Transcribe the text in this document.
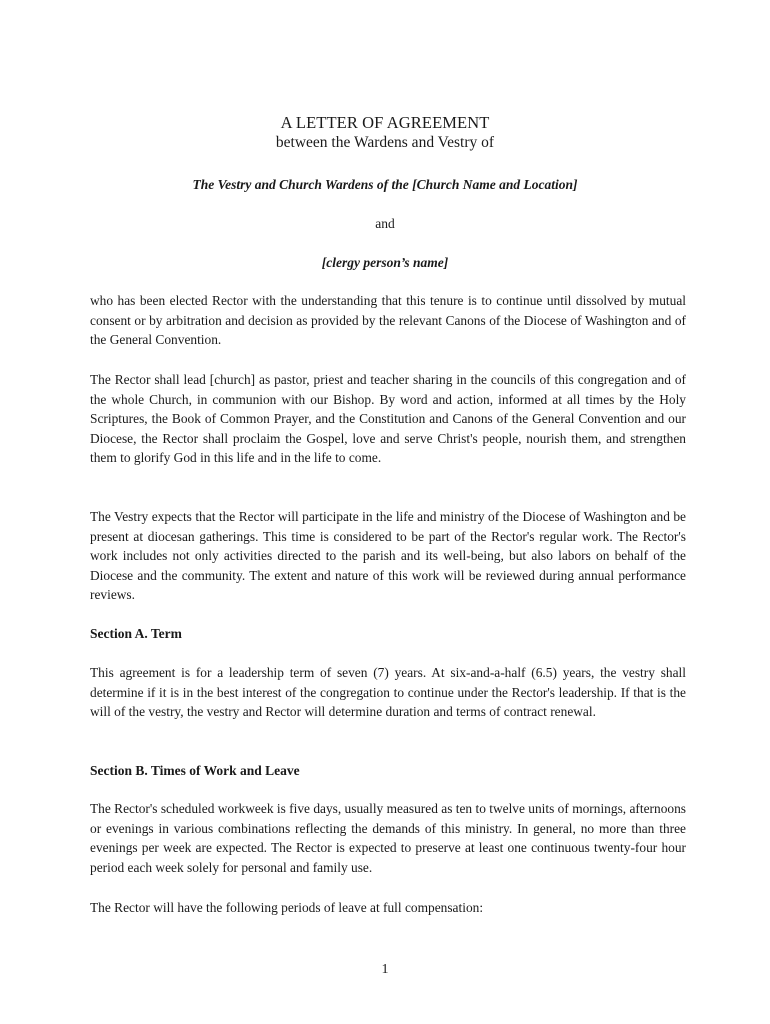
A LETTER OF AGREEMENT
between the Wardens and Vestry of
The Vestry and Church Wardens of the [Church Name and Location]
and
[clergy person’s name]

who has been elected Rector with the understanding that this tenure is to continue until dissolved by mutual consent or by arbitration and decision as provided by the relevant Canons of the Diocese of Washington and of the General Convention.

The Rector shall lead [church] as pastor, priest and teacher sharing in the councils of this congregation and of the whole Church, in communion with our Bishop. By word and action, informed at all times by the Holy Scriptures, the Book of Common Prayer, and the Constitution and Canons of the General Convention and our Diocese, the Rector shall proclaim the Gospel, love and serve Christ's people, nourish them, and strengthen them to glorify God in this life and in the life to come.

The Vestry expects that the Rector will participate in the life and ministry of the Diocese of Washington and be present at diocesan gatherings. This time is considered to be part of the Rector's regular work. The Rector's work includes not only activities directed to the parish and its well-being, but also labors on behalf of the Diocese and the community. The extent and nature of this work will be reviewed during annual performance reviews.

Section A. Term

This agreement is for a leadership term of seven (7) years. At six-and-a-half (6.5) years, the vestry shall determine if it is in the best interest of the congregation to continue under the Rector's leadership. If that is the will of the vestry, the vestry and Rector will determine duration and terms of contract renewal.

Section B. Times of Work and Leave

The Rector's scheduled workweek is five days, usually measured as ten to twelve units of mornings, afternoons or evenings in various combinations reflecting the demands of this ministry. In general, no more than three evenings per week are expected. The Rector is expected to preserve at least one continuous twenty-four hour period each week solely for personal and family use.

The Rector will have the following periods of leave at full compensation:

1
